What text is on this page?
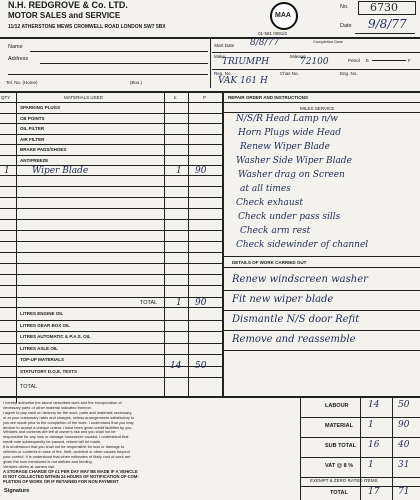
N.H. REDGROVE & Co. LTD.
MOTOR SALES and SERVICE
11/12 ATHERSTONE MEWS CROMWELL ROAD LONDON SW7 5BX
01-581 0091/2
MAA
No. 6730
Date 9/8/77
Name
Address
Tel. No. (Home)	(Bus.)
Start Date 8/8/77	Completion Date
Make
TRIUMPH
Mileage
72100	Petrol E	F
Reg. No.
VAK 161 H
Chas No.	Eng. No.
QTY	MATERIALS USED	£	P
SPARKING PLUGS
CB POINTS
OIL FILTER
AIR FILTER
BRAKE PADS/SHOES
ANTIFREEZE
1 Wiper Blade	1 90
TOTAL 1 90
LITRES ENGINE OIL
LITRES GEAR BOX OIL
LITRES AUTOMATIC & P.A.S. OIL
LITRES AXLE OIL
TOP-UP MATERIALS
STATUTORY D.O.E. TESTS	14 50
TOTAL
REPAIR ORDER AND INSTRUCTIONS
MILES SERVICE
N/S/R Head Lamp n/w
Horn Plugs wide Head
Renew Wiper Blade
Washer Side Wiper Blade
Washer drag on Screen
at all times
Check exhaust
Check under pass sills
Check arm rest
Check sidewinder of channel
DETAILS OF WORK CARRIED OUT
Renew windscreen washer
Fit new wiper blade
Dismantle N/S door Refit
Remove and reassemble
I hereby authorise the above described work and the incorporation of
necessary parts or other material indicated thereon.
I agree to pay cash on delivery for the work, parts and materials necessary,
or at your customary rates and charges, unless arrangements satisfactory to
you are made prior to the completion of the work. I understand that you may
decline to accept a cheque unless I have been given credit facilities by you.
Vehicles and contents are left at owner's risk and you shall not be
responsible for any loss or damage howsoever caused. I understand that
credit note subsequently be passed, refund will be made.
It is understood that you shall not be responsible for loss or damage to
vehicles or contents in case of fire, theft, accident or other causes beyond
your control. It is understood that when estimates of likely cost of work are
given the sum mentioned is not definite and binding.
Vehicles driven at owners risk.
A STORAGE CHARGE OF £1 PER DAY MAY BE MADE IF A VEHICLE
IS NOT COLLECTED WITHIN 24 HOURS OF NOTIFICATION OF COM-
PLETION OF WORK OR IF RETAINED FOR NON PAYMENT
Signature
LABOUR 14 50
MATERIAL 1	90
SUB TOTAL 16 40
VAT @ 8 % 1	31
EXEMPT & ZERO RATED ITEMS
TOTAL 17 71
